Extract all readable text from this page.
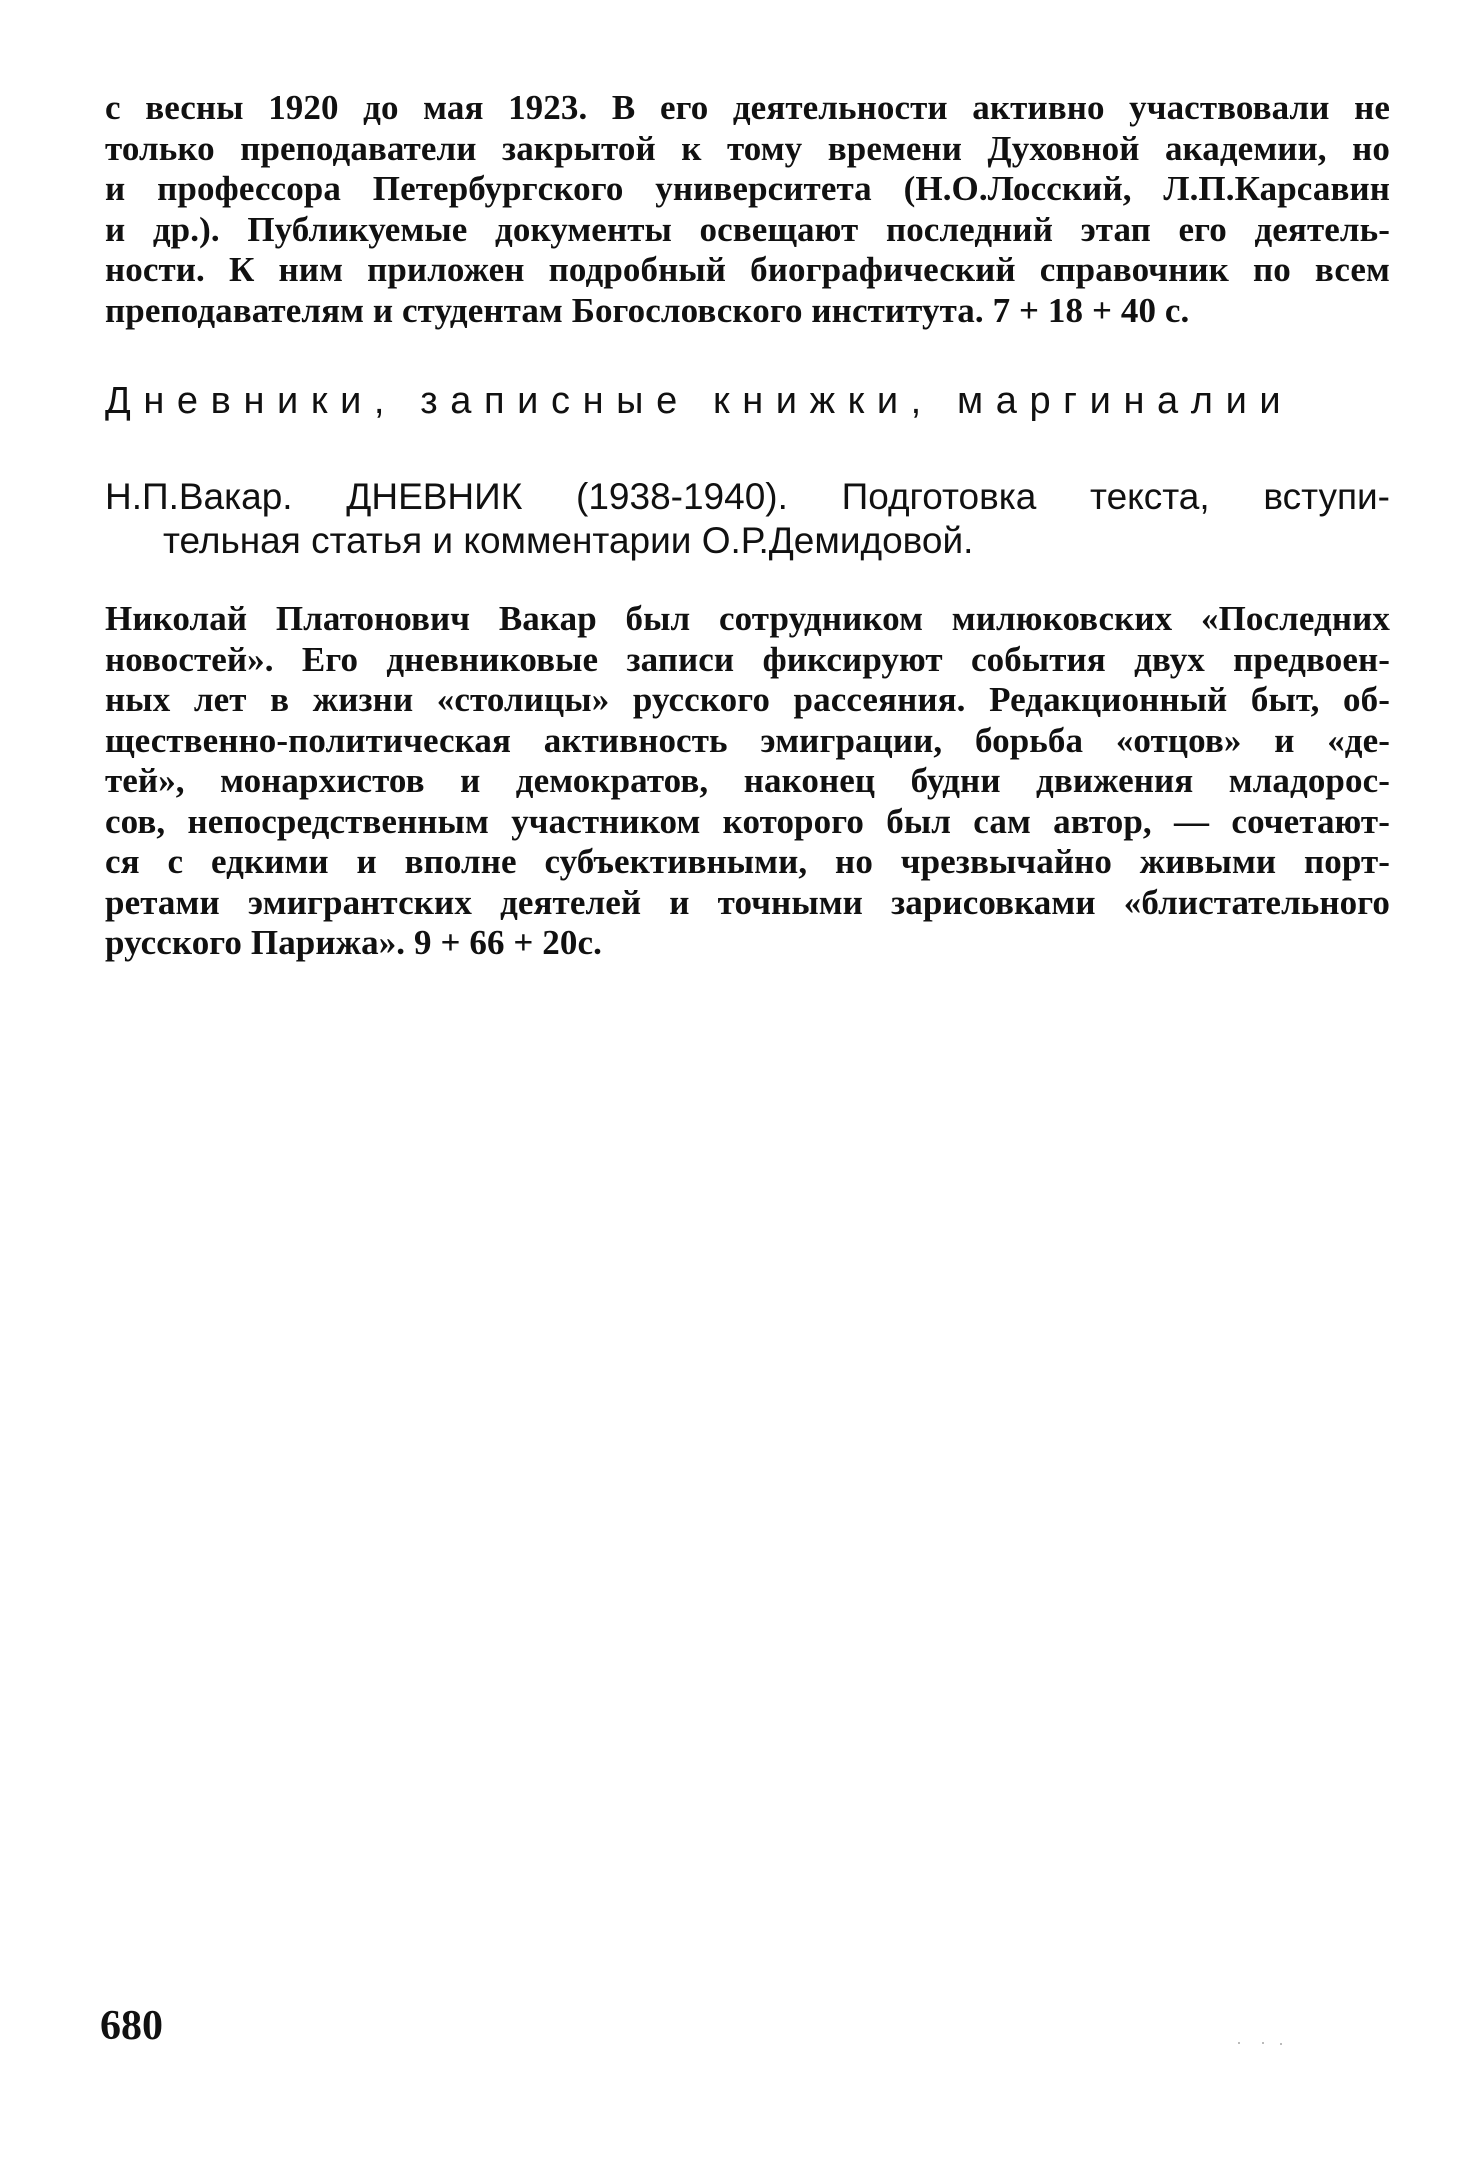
с весны 1920 до мая 1923. В его деятельности активно участвовали не
только преподаватели закрытой к тому времени Духовной академии, но
и профессора Петербургского университета (Н.О.Лосский, Л.П.Карсавин
и др.). Публикуемые документы освещают последний этап его деятель-
ности. К ним приложен подробный биографический справочник по всем
преподавателям и студентам Богословского института. 7 + 18 + 40 с.
Дневники, записные книжки, маргиналии
Н.П.Вакар. ДНЕВНИК (1938-1940). Подготовка текста, вступи-
тельная статья и комментарии О.Р.Демидовой.
Николай Платонович Вакар был сотрудником милюковских «Последних
новостей». Его дневниковые записи фиксируют события двух предвоен-
ных лет в жизни «столицы» русского рассеяния. Редакционный быт, об-
щественно-политическая активность эмиграции, борьба «отцов» и «де-
тей», монархистов и демократов, наконец будни движения младорос-
сов, непосредственным участником которого был сам автор, — сочетают-
ся с едкими и вполне субъективными, но чрезвычайно живыми порт-
ретами эмигрантских деятелей и точными зарисовками «блистательного
русского Парижа». 9 + 66 + 20с.
680
